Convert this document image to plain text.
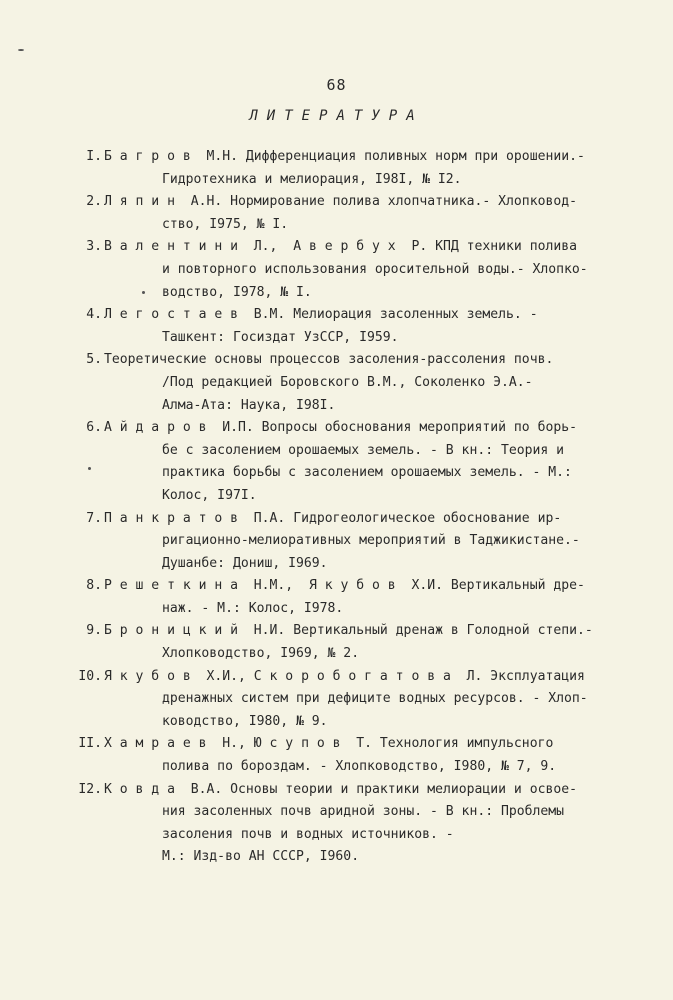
68
ЛИТЕРАТУРА
I. Б а г р о в  М.Н. Дифференциация поливных норм при орошении.-
Гидротехника и мелиорация, I98I, № I2.
2. Л я п и н  А.Н. Нормирование полива хлопчатника.- Хлопковод-
ство, I975, № I.
3. В а л е н т и н и  Л.,  А в е р б у х  Р. КПД техники полива
и повторного использования оросительной воды.- Хлопко-
водство, I978, № I.
4. Л е г о с т а е в  В.М. Мелиорация засоленных земель. -
Ташкент: Госиздат УзССР, I959.
5. Теоретические основы процессов засоления-рассоления почв.
/Под редакцией Боровского В.М., Соколенко Э.А.-
Алма-Ата: Наука, I98I.
6. А й д а р о в  И.П. Вопросы обоснования мероприятий по борь-
бе с засолением орошаемых земель. - В кн.: Теория и
практика борьбы с засолением орошаемых земель. - М.:
Колос, I97I.
7. П а н к р а т о в  П.А. Гидрогеологическое обоснование ир-
ригационно-мелиоративных мероприятий в Таджикистане.-
Душанбе: Дониш, I969.
8. Р е ш е т к и н а  Н.М.,  Я к у б о в  Х.И. Вертикальный дре-
наж. - М.: Колос, I978.
9. Б р о н и ц к и й  Н.И. Вертикальный дренаж в Голодной степи.-
Хлопководство, I969, № 2.
I0. Я к у б о в  Х.И., С к о р о б о г а т о в а  Л. Эксплуатация
дренажных систем при дефиците водных ресурсов. - Хлоп-
ководство, I980, № 9.
II. Х а м р а е в  Н., Ю с у п о в  Т. Технология импульсного
полива по бороздам. - Хлопководство, I980, № 7, 9.
I2. К о в д а  В.А. Основы теории и практики мелиорации и освое-
ния засоленных почв аридной зоны. - В кн.: Проблемы
засоления почв и водных источников. -
М.: Изд-во АН СССР, I960.
